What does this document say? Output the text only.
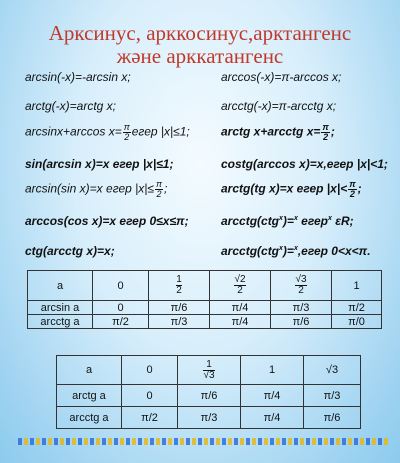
Арксинус, арккосинус,арктангенс
және арккатангенс
arcsin(-x)=-arcsin x;	arccos(-x)=π-arccos x;
arctg(-x)=arctg x;	arcctg(-x)=π-arcctg x;
arcsinx+arccos $x= \frac{\pi}{2}$ егер |x|≤1;	arctg x+arcctg $x= \frac{\pi}{2}$ ;
sin(arcsin x)=x егер |x|≤1;	costg(arccos x)=x,егер |x|<1;
arcsin(sin x)=x егер $|x|\le \frac{\pi}{2}$ ;	arctg(tg x)=x егер $|x|< \frac{\pi}{2}$ ;
arccos(cos x)=x егер 0≤x≤π;	arcctg(ctg$^x$)=$^x$ егер$^x$ εR;
ctg(arcctg x)=x;	arcctg(ctg$^x$)=$^x$,егер 0<x<π.
a	0	$\frac{1}{2}$	$\frac{√2}{2}$	$\frac{√3}{2}$	1
arcsin a	0	π/6	π/4	π/3	π/2
arcctg a	π/2	π/3	π/4	π/6	π/0
a	0	$\frac{1}{√3}$	1	√3
arctg a	0	π/6	π/4	π/3
arcctg a	π/2	π/3	π/4	π/6
